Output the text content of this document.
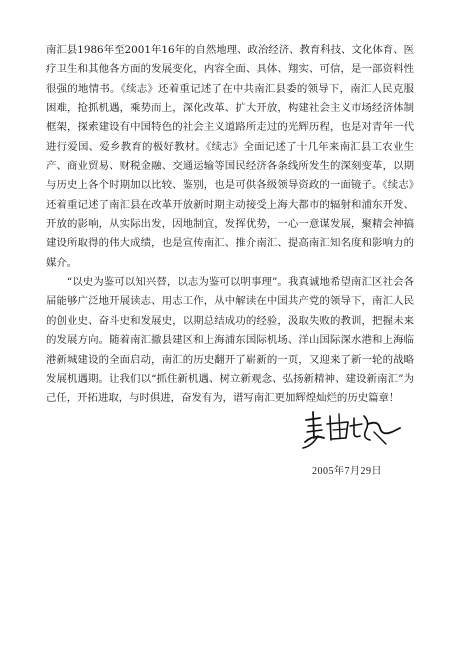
南汇县1986年至2001年16年的自然地理、政治经济、教育科技、文化体育、医疗卫生和其他各方面的发展变化，内容全面、具体、翔实、可信，是一部资料性很强的地情书。《续志》还着重记述了在中共南汇县委的领导下，南汇人民克服困难，抢抓机遇，乘势而上，深化改革、扩大开放，构建社会主义市场经济体制框架，探索建设有中国特色的社会主义道路所走过的光辉历程，也是对青年一代进行爱国、爱乡教育的极好教材。《续志》全面记述了十几年来南汇县工农业生产、商业贸易、财税金融、交通运输等国民经济各条线所发生的深刻变革，以期与历史上各个时期加以比较、鉴别，也是可供各级领导资政的一面镜子。《续志》还着重记述了南汇县在改革开放新时期主动接受上海大都市的辐射和浦东开发、开放的影响，从实际出发，因地制宜，发挥优势，一心一意谋发展，聚精会神搞建设所取得的伟大成绩，也是宣传南汇、推介南汇、提高南汇知名度和影响力的媒介。

“以史为鉴可以知兴替，以志为鉴可以明事理”。我真诚地希望南汇区社会各届能够广泛地开展读志、用志工作，从中解读在中国共产党的领导下，南汇人民的创业史、奋斗史和发展史，以期总结成功的经验，汲取失败的教训，把握未来的发展方向。随着南汇撤县建区和上海浦东国际机场、洋山国际深水港和上海临港新城建设的全面启动，南汇的历史翻开了崭新的一页，又迎来了新一轮的战略发展机遇期。让我们以“抓住新机遇、树立新观念、弘扬新精神、建设新南汇”为己任，开拓进取，与时俱进，奋发有为，谱写南汇更加辉煌灿烂的历史篇章！

2005年7月29日
